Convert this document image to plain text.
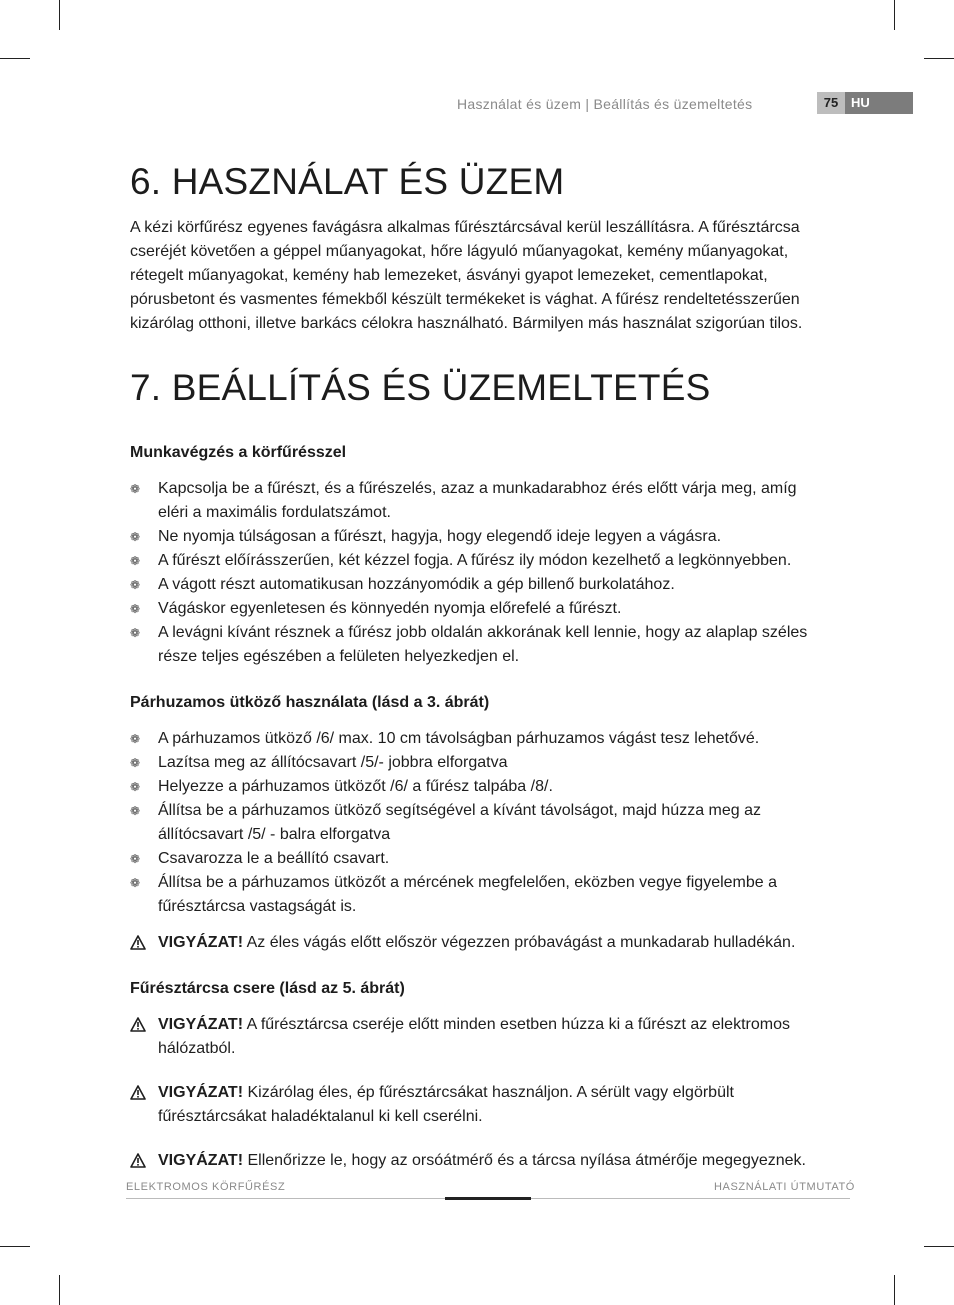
Használat és üzem | Beállítás és üzemeltetés	75 HU
6. HASZNÁLAT ÉS ÜZEM

A kézi körfűrész egyenes favágásra alkalmas fűrésztárcsával kerül leszállításra. A fűrésztárcsa cseréjét követően a géppel műanyagokat, hőre lágyuló műanyagokat, kemény műanyagokat, rétegelt műanyagokat, kemény hab lemezeket, ásványi gyapot lemezeket, cementlapokat, pórusbetont és vasmentes fémekből készült termékeket is vághat. A fűrész rendeltetésszerűen kizárólag otthoni, illetve barkács célokra használható. Bármilyen más használat szigorúan tilos.

7. BEÁLLÍTÁS ÉS ÜZEMELTETÉS
Munkavégzés a körfűrésszel
❁ Kapcsolja be a fűrészt, és a fűrészelés, azaz a munkadarabhoz érés előtt várja meg, amíg eléri a maximális fordulatszámot.
❁ Ne nyomja túlságosan a fűrészt, hagyja, hogy elegendő ideje legyen a vágásra.
❁ A fűrészt előírásszerűen, két kézzel fogja. A fűrész ily módon kezelhető a legkönnyebben.
❁ A vágott részt automatikusan hozzányomódik a gép billenő burkolatához.
❁ Vágáskor egyenletesen és könnyedén nyomja előrefelé a fűrészt.
❁ A levágni kívánt résznek a fűrész jobb oldalán akkorának kell lennie, hogy az alaplap széles része teljes egészében a felületen helyezkedjen el.
Párhuzamos ütköző használata (lásd a 3. ábrát)
❁ A párhuzamos ütköző /6/ max. 10 cm távolságban párhuzamos vágást tesz lehetővé.
❁ Lazítsa meg az állítócsavart /5/- jobbra elforgatva
❁ Helyezze a párhuzamos ütközőt /6/ a fűrész talpába /8/.
❁ Állítsa be a párhuzamos ütköző segítségével a kívánt távolságot, majd húzza meg az állítócsavart /5/ - balra elforgatva
❁ Csavarozza le a beállító csavart.
❁ Állítsa be a párhuzamos ütközőt a mércének megfelelően, eközben vegye figyelembe a fűrésztárcsa vastagságát is.
VIGYÁZAT! Az éles vágás előtt először végezzen próbavágást a munkadarab hulladékán.
Fűrésztárcsa csere (lásd az 5. ábrát)
VIGYÁZAT! A fűrésztárcsa cseréje előtt minden esetben húzza ki a fűrészt az elektromos hálózatból.
VIGYÁZAT! Kizárólag éles, ép fűrésztárcsákat használjon. A sérült vagy elgörbült fűrésztárcsákat haladéktalanul ki kell cserélni.
VIGYÁZAT! Ellenőrizze le, hogy az orsóátmérő és a tárcsa nyílása átmérője megegyeznek.
ELEKTROMOS KÖRFŰRÉSZ	HASZNÁLATI ÚTMUTATÓ
